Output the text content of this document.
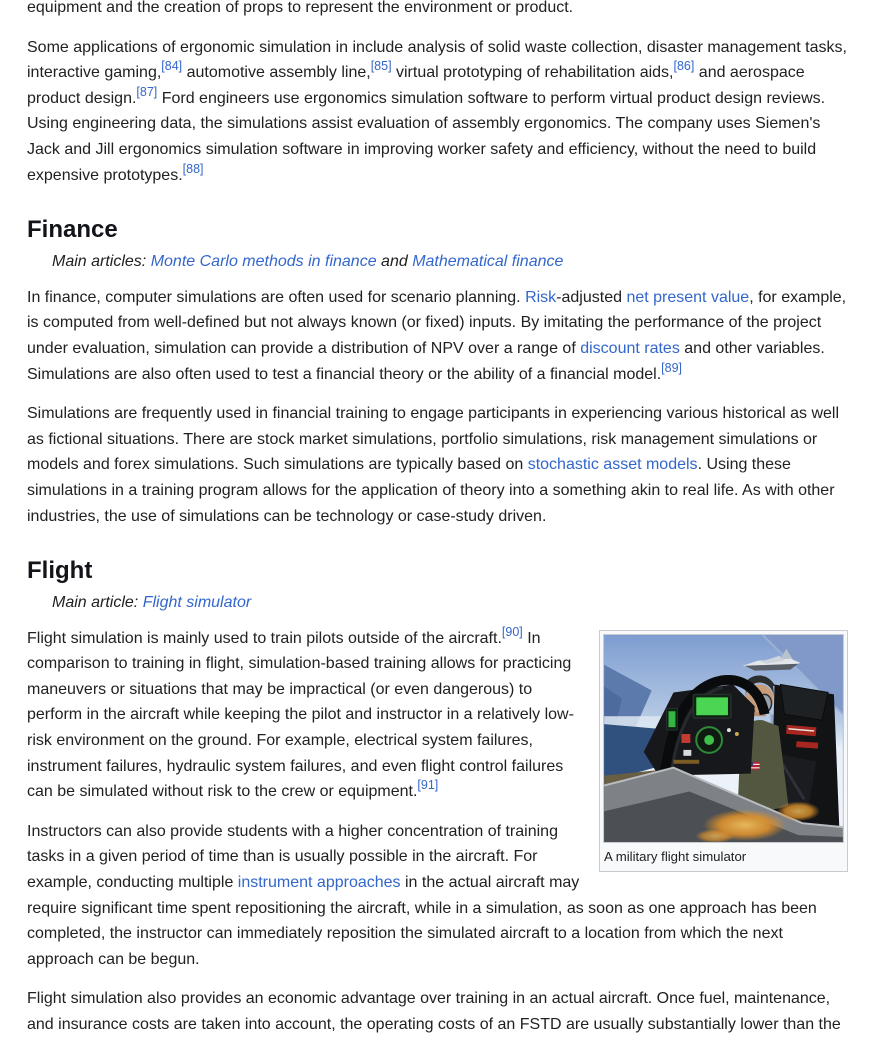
equipment and the creation of props to represent the environment or product.

Some applications of ergonomic simulation in include analysis of solid waste collection, disaster management tasks, interactive gaming,[84] automotive assembly line,[85] virtual prototyping of rehabilitation aids,[86] and aerospace product design.[87] Ford engineers use ergonomics simulation software to perform virtual product design reviews. Using engineering data, the simulations assist evaluation of assembly ergonomics. The company uses Siemen's Jack and Jill ergonomics simulation software in improving worker safety and efficiency, without the need to build expensive prototypes.[88]

Finance
Main articles: Monte Carlo methods in finance and Mathematical finance

In finance, computer simulations are often used for scenario planning. Risk-adjusted net present value, for example, is computed from well-defined but not always known (or fixed) inputs. By imitating the performance of the project under evaluation, simulation can provide a distribution of NPV over a range of discount rates and other variables. Simulations are also often used to test a financial theory or the ability of a financial model.[89]

Simulations are frequently used in financial training to engage participants in experiencing various historical as well as fictional situations. There are stock market simulations, portfolio simulations, risk management simulations or models and forex simulations. Such simulations are typically based on stochastic asset models. Using these simulations in a training program allows for the application of theory into a something akin to real life. As with other industries, the use of simulations can be technology or case-study driven.

Flight
Main article: Flight simulator
A military flight simulator

Flight simulation is mainly used to train pilots outside of the aircraft.[90] In comparison to training in flight, simulation-based training allows for practicing maneuvers or situations that may be impractical (or even dangerous) to perform in the aircraft while keeping the pilot and instructor in a relatively low-risk environment on the ground. For example, electrical system failures, instrument failures, hydraulic system failures, and even flight control failures can be simulated without risk to the crew or equipment.[91]

Instructors can also provide students with a higher concentration of training tasks in a given period of time than is usually possible in the aircraft. For example, conducting multiple instrument approaches in the actual aircraft may require significant time spent repositioning the aircraft, while in a simulation, as soon as one approach has been completed, the instructor can immediately reposition the simulated aircraft to a location from which the next approach can be begun.

Flight simulation also provides an economic advantage over training in an actual aircraft. Once fuel, maintenance, and insurance costs are taken into account, the operating costs of an FSTD are usually substantially lower than the
